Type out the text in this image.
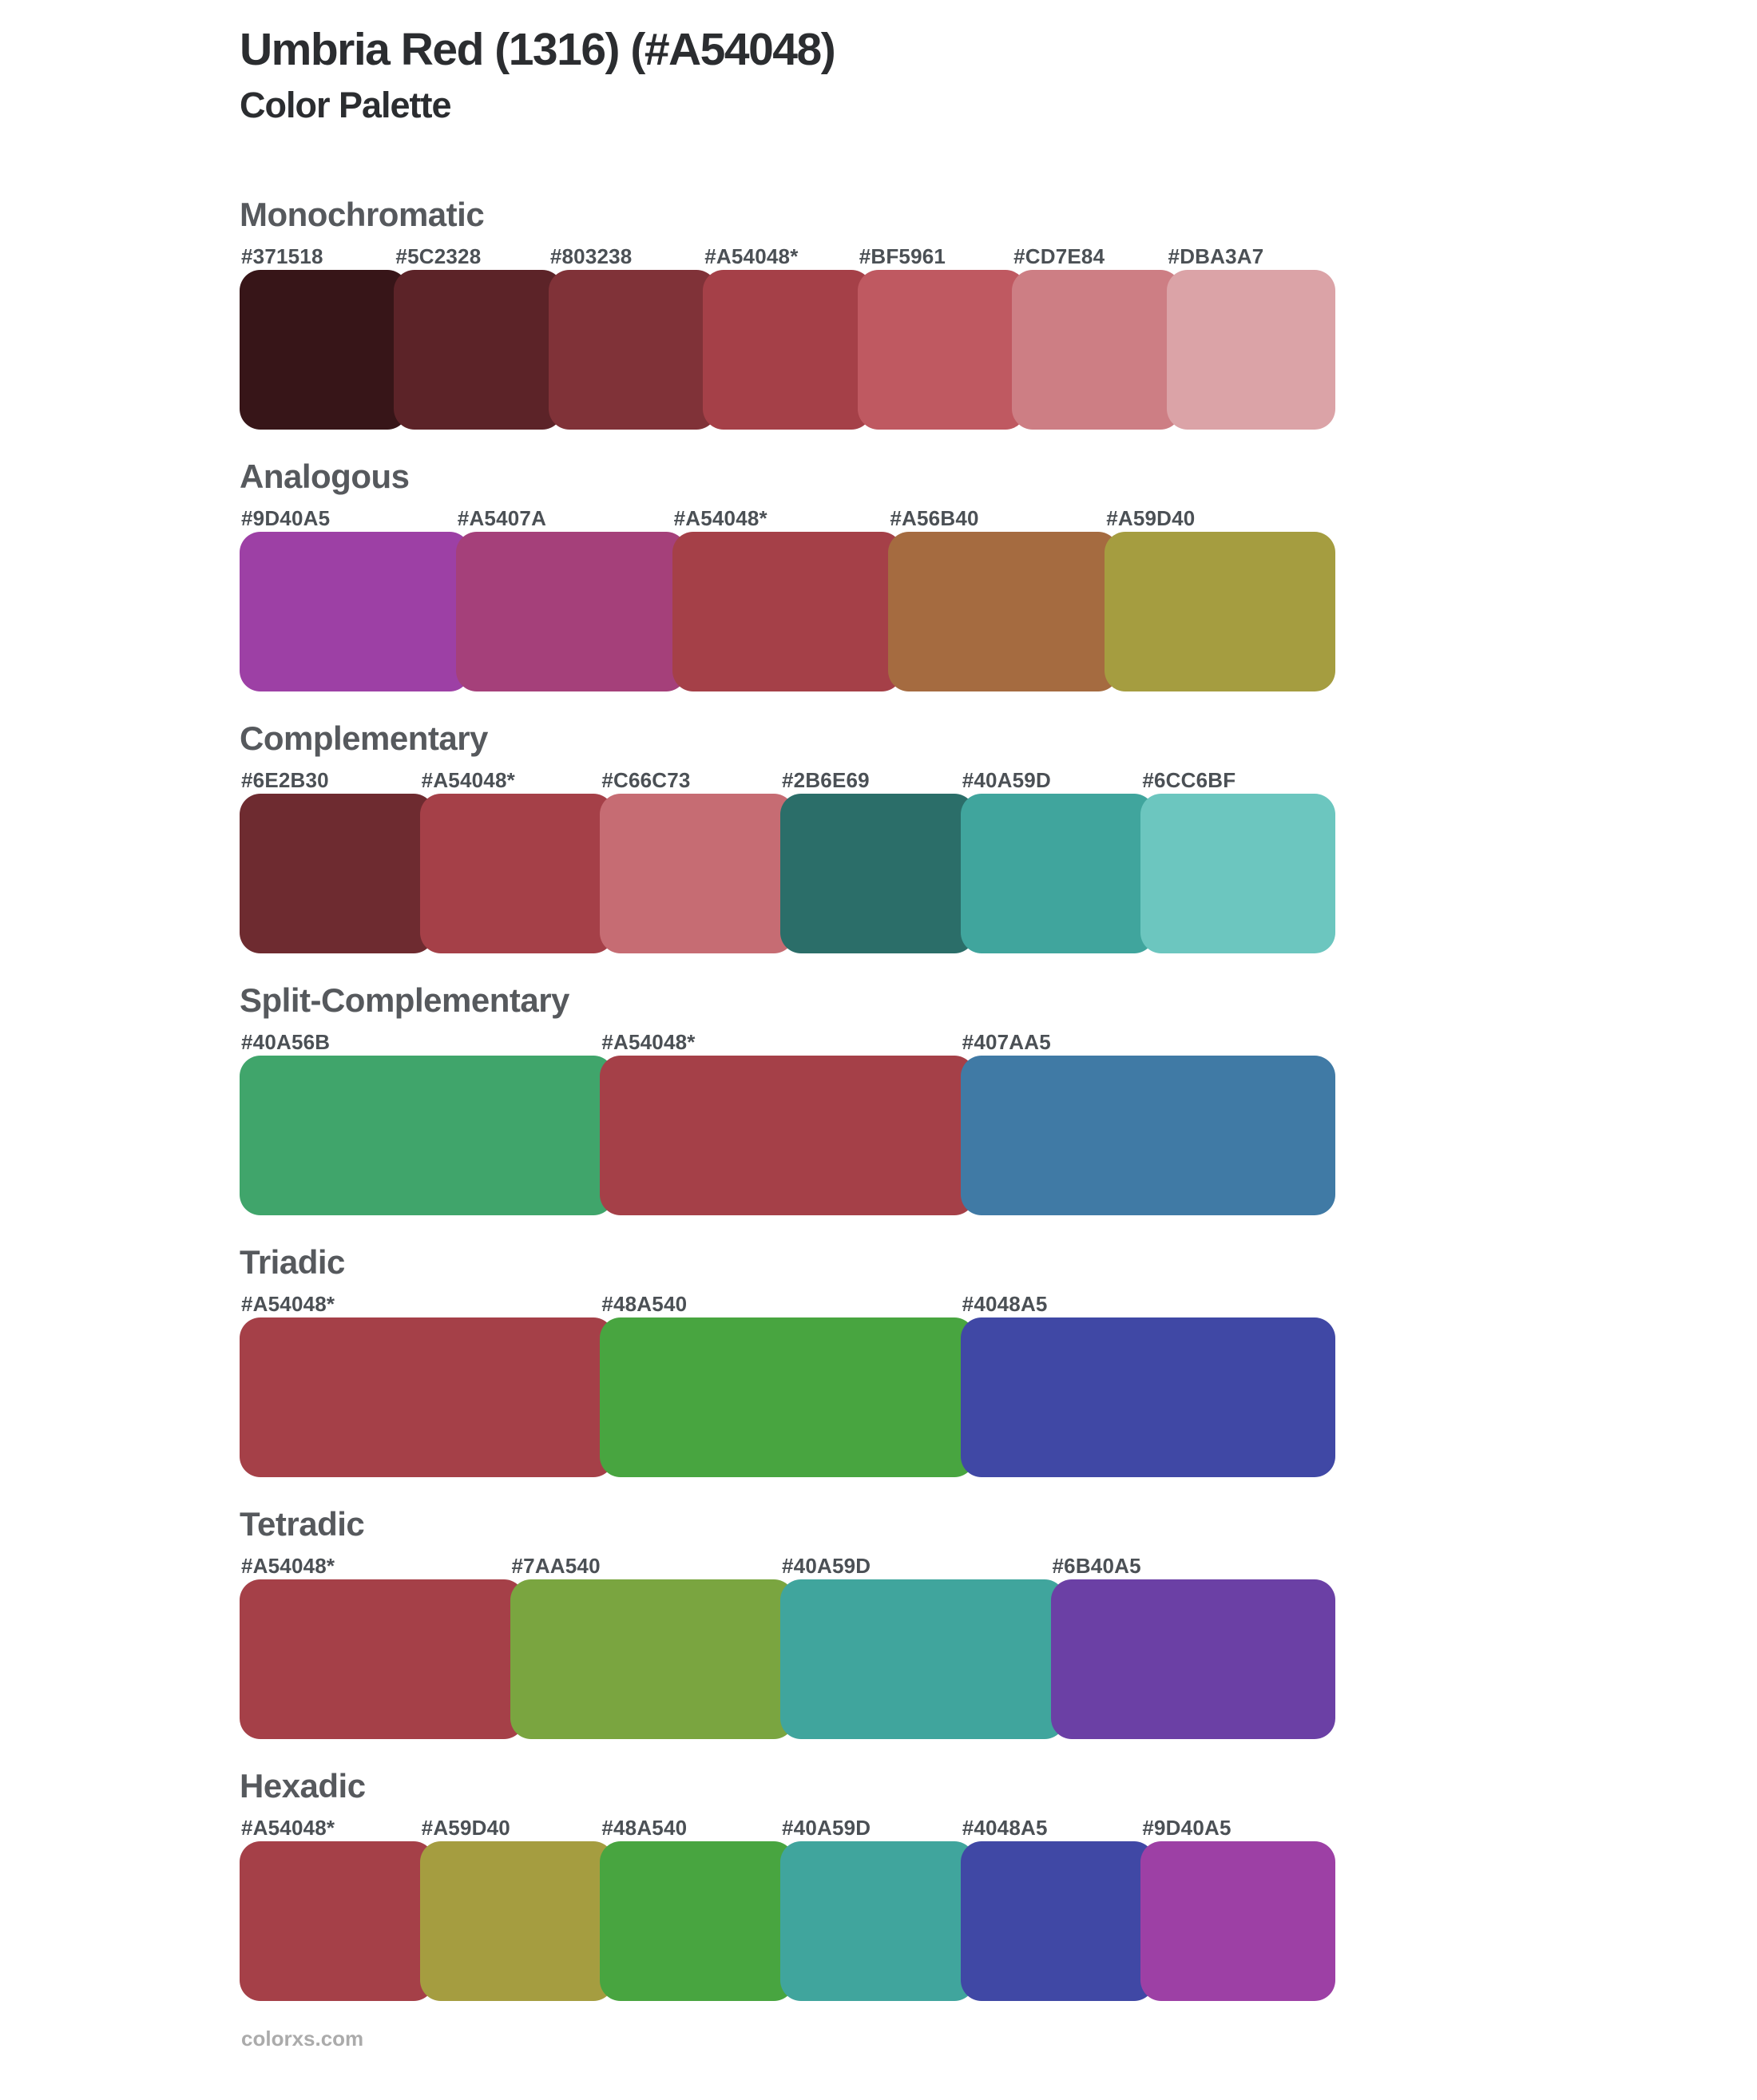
Umbria Red (1316) (#A54048)
Color Palette
Monochromatic
#371518	#5C2328	#803238	#A54048*	#BF5961	#CD7E84	#DBA3A7
Analogous
#9D40A5	#A5407A	#A54048*	#A56B40	#A59D40
Complementary
#6E2B30	#A54048*	#C66C73	#2B6E69	#40A59D	#6CC6BF
Split-Complementary
#40A56B	#A54048*	#407AA5
Triadic
#A54048*	#48A540	#4048A5
Tetradic
#A54048*	#7AA540	#40A59D	#6B40A5
Hexadic
#A54048*	#A59D40	#48A540	#40A59D	#4048A5	#9D40A5
colorxs.com
